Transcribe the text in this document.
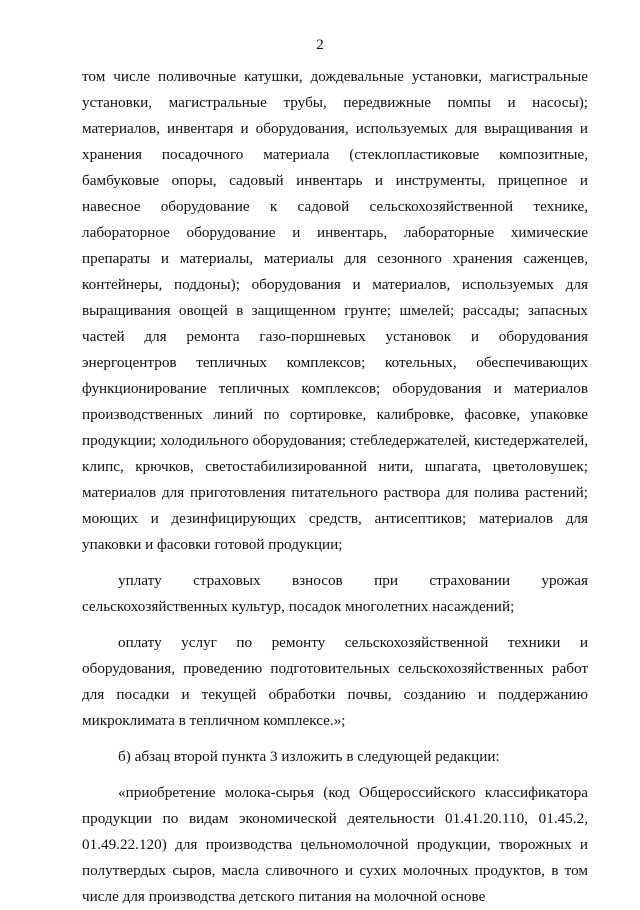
2

том числе поливочные катушки, дождевальные установки, магистральные установки, магистральные трубы, передвижные помпы и насосы); материалов, инвентаря и оборудования, используемых для выращивания и хранения посадочного материала (стеклопластиковые композитные, бамбуковые опоры, садовый инвентарь и инструменты, прицепное и навесное оборудование к садовой сельскохозяйственной технике, лабораторное оборудование и инвентарь, лабораторные химические препараты и материалы, материалы для сезонного хранения саженцев, контейнеры, поддоны); оборудования и материалов, используемых для выращивания овощей в защищенном грунте; шмелей; рассады; запасных частей для ремонта газо-поршневых установок и оборудования энергоцентров тепличных комплексов; котельных, обеспечивающих функционирование тепличных комплексов; оборудования и материалов производственных линий по сортировке, калибровке, фасовке, упаковке продукции; холодильного оборудования; стебледержателей, кистедержателей, клипс, крючков, светостабилизированной нити, шпагата, цветоловушек; материалов для приготовления питательного раствора для полива растений; моющих и дезинфицирующих средств, антисептиков; материалов для упаковки и фасовки готовой продукции;

уплату страховых взносов при страховании урожая сельскохозяйственных культур, посадок многолетних насаждений;

оплату услуг по ремонту сельскохозяйственной техники и оборудования, проведению подготовительных сельскохозяйственных работ для посадки и текущей обработки почвы, созданию и поддержанию микроклимата в тепличном комплексе.»;

б) абзац второй пункта 3 изложить в следующей редакции:

«приобретение молока-сырья (код Общероссийского классификатора продукции по видам экономической деятельности 01.41.20.110, 01.45.2, 01.49.22.120) для производства цельномолочной продукции, творожных и полутвердых сыров, масла сливочного и сухих молочных продуктов, в том числе для производства детского питания на молочной основе
